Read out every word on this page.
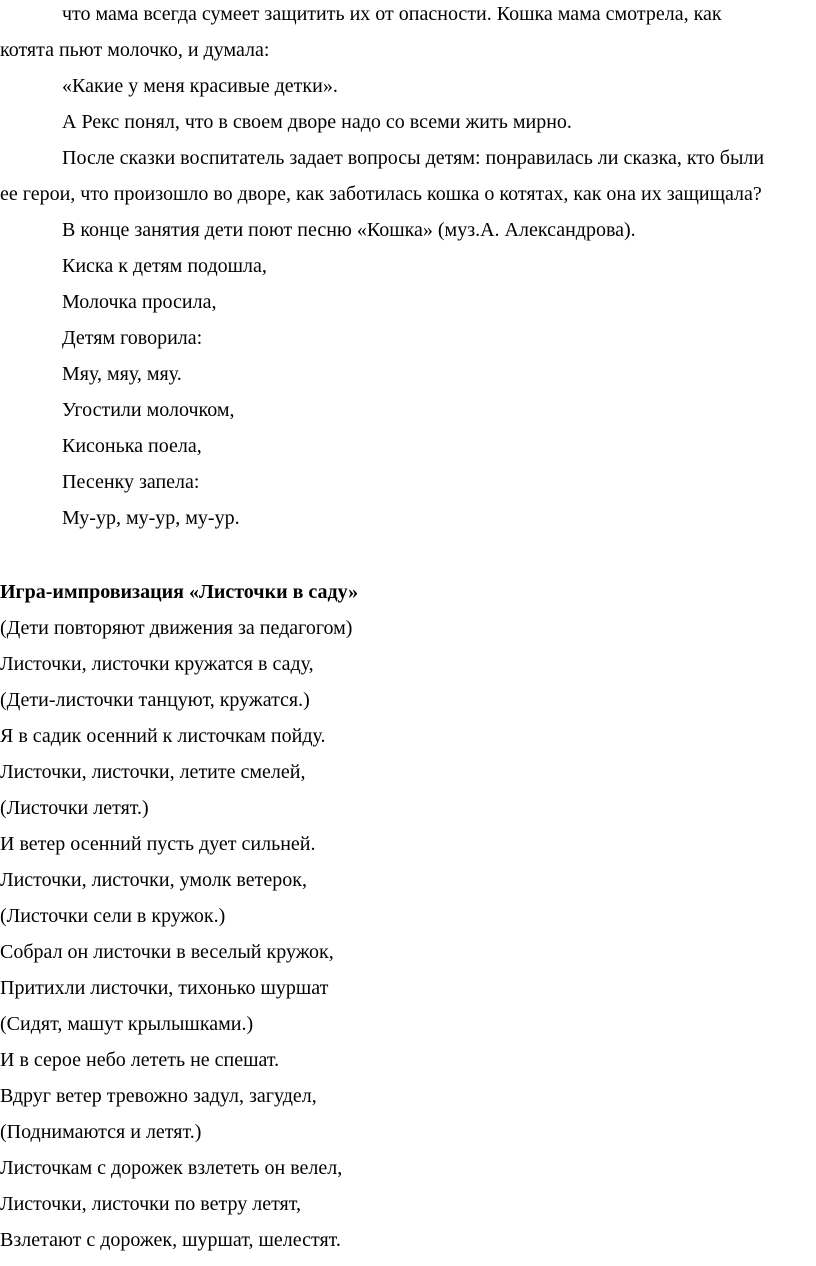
что мама всегда сумеет защитить их от опасности. Кошка мама смотрела, как

котята пьют молочко, и думала:

«Какие у меня красивые детки».

А Рекс понял, что в своем дворе надо со всеми жить мирно.

После сказки воспитатель задает вопросы детям: понравилась ли сказка, кто были

ее герои, что произошло во дворе, как заботилась кошка о котятах, как она их защищала?

В конце занятия дети поют песню «Кошка» (муз.А. Александрова).

Киска к детям подошла,

Молочка просила,

Детям говорила:

Мяу, мяу, мяу.

Угостили молочком,

Кисонька поела,

Песенку запела:

Му-ур, му-ур, му-ур.

Игра-импровизация «Листочки в саду»

(Дети повторяют движения за педагогом)

Листочки, листочки кружатся в саду,

(Дети-листочки танцуют, кружатся.)

Я в садик осенний к листочкам пойду.

Листочки, листочки, летите смелей,

(Листочки летят.)

И ветер осенний пусть дует сильней.

Листочки, листочки, умолк ветерок,

(Листочки сели в кружок.)

Собрал он листочки в веселый кружок,

Притихли листочки, тихонько шуршат

(Сидят, машут крылышками.)

И в серое небо лететь не спешат.

Вдруг ветер тревожно задул, загудел,

(Поднимаются и летят.)

Листочкам с дорожек взлететь он велел,

Листочки, листочки по ветру летят,

Взлетают с дорожек, шуршат, шелестят.
